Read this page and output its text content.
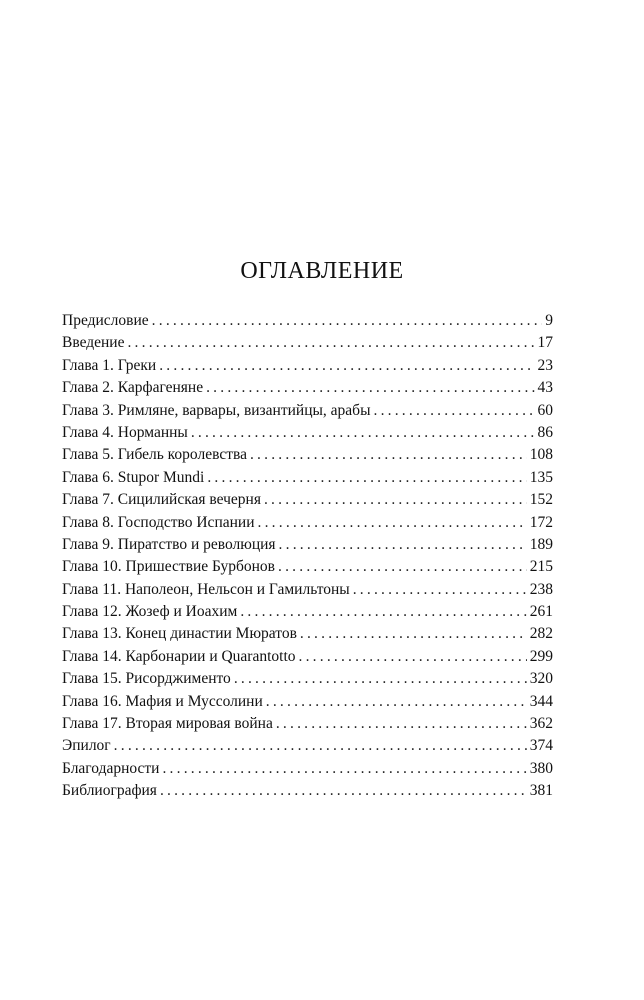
ОГЛАВЛЕНИЕ
Предисловие .....	9
Введение .....	17
Глава 1. Греки .....	23
Глава 2. Карфагеняне .....	43
Глава 3. Римляне, варвары, византийцы, арабы .....	60
Глава 4. Норманны .....	86
Глава 5. Гибель королевства .....	108
Глава 6. Stupor Mundi .....	135
Глава 7. Сицилийская вечерня .....	152
Глава 8. Господство Испании .....	172
Глава 9. Пиратство и революция .....	189
Глава 10. Пришествие Бурбонов .....	215
Глава 11. Наполеон, Нельсон и Гамильтоны .....	238
Глава 12. Жозеф и Иоахим .....	261
Глава 13. Конец династии Мюратов .....	282
Глава 14. Карбонарии и Quarantotto .....	299
Глава 15. Рисорджименто .....	320
Глава 16. Мафия и Муссолини .....	344
Глава 17. Вторая мировая война .....	362
Эпилог .....	374
Благодарности .....	380
Библиография .....	381
